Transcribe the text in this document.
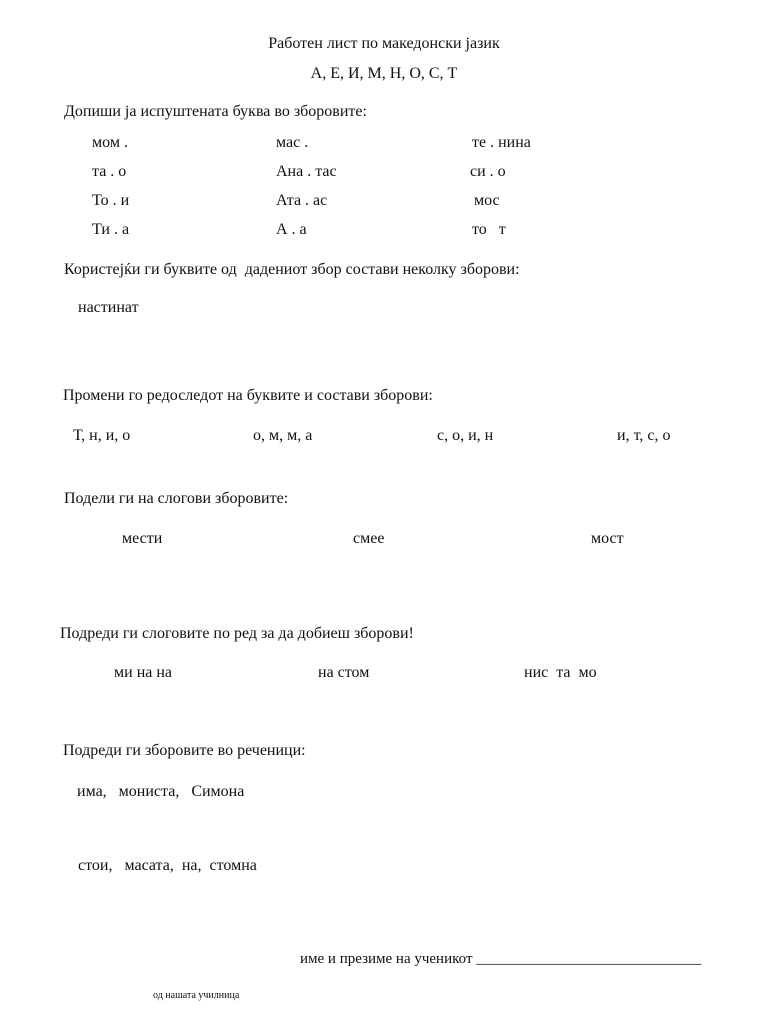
Работен лист по македонски јазик
А, Е, И, М, Н, О, С, Т
Допиши ја испуштената буква во зборовите:
мом .	мас .	те . нина
та . о	Ана . тас	си . о
То . и	Ата . ас	мос
Ти . а	А . а	то   т
Користејќи ги буквите од  дадениот збор состави неколку зборови:
настинат
Промени го редоследот на буквите и состави зборови:
Т, н, и, о	о, м, м, а	с, о, и, н	и, т, с, о
Подели ги на слогови зборовите:
мести	смее	мост
Подреди ги слоговите по ред за да добиеш зборови!
ми на на	на стом	нис  та  мо
Подреди ги зборовите во реченици:
има,   мониста,   Симона
стои,   масата,  на,  стомна
име и презиме на ученикот ______________________________
од нашата училница
